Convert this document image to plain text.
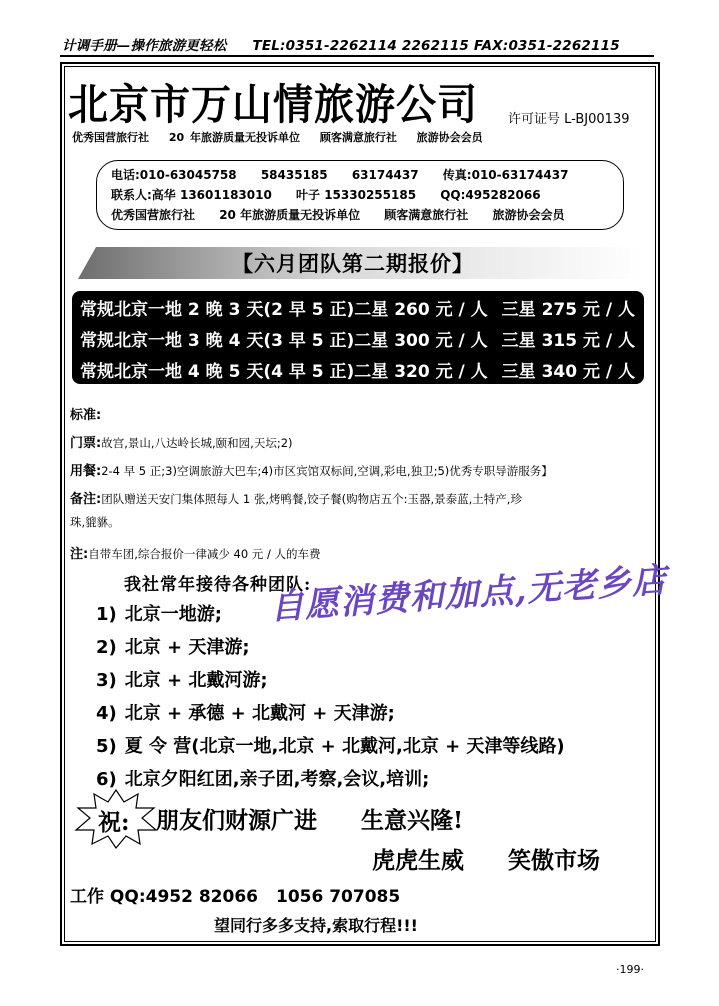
计调手册—操作旅游更轻松 TEL:0351-2262114 2262115 FAX:0351-2262115
北京市万山情旅游公司 许可证号 L-BJ00139
优秀国营旅行社 20 年旅游质量无投诉单位 顾客满意旅行社 旅游协会会员
电话:010-63045758 58435185 63174437 传真:010-63174437
联系人:高华 13601183010 叶子 15330255185 QQ:495282066
优秀国营旅行社 20 年旅游质量无投诉单位 顾客满意旅行社 旅游协会会员
【六月团队第二期报价】
常规北京一地 2 晚 3 天(2 早 5 正)二星 260 元 / 人 三星 275 元 / 人
常规北京一地 3 晚 4 天(3 早 5 正)二星 300 元 / 人 三星 315 元 / 人
常规北京一地 4 晚 5 天(4 早 5 正)二星 320 元 / 人 三星 340 元 / 人
标准:
门票:故宫,景山,八达岭长城,颐和园,天坛;2)
用餐:2-4 早 5 正;3)空调旅游大巴车;4)市区宾馆双标间,空调,彩电,独卫;5)优秀专职导游服务】
备注:团队赠送天安门集体照每人 1 张,烤鸭餐,饺子餐(购物店五个:玉器,景泰蓝,土特产,珍
珠,貔貅。
注:自带车团,综合报价一律减少 40 元 / 人的车费
我社常年接待各种团队:
1) 北京一地游;
2) 北京 + 天津游;
3) 北京 + 北戴河游;
4) 北京 + 承德 + 北戴河 + 天津游;
5) 夏 令 营(北京一地,北京 + 北戴河,北京 + 天津等线路)
6) 北京夕阳红团,亲子团,考察,会议,培训;
自愿消费和加点,无老乡店
祝: 朋友们财源广进 生意兴隆!
虎虎生威 笑傲市场
工作 QQ:4952 82066 1056 707085
望同行多多支持,索取行程!!!
·199·
